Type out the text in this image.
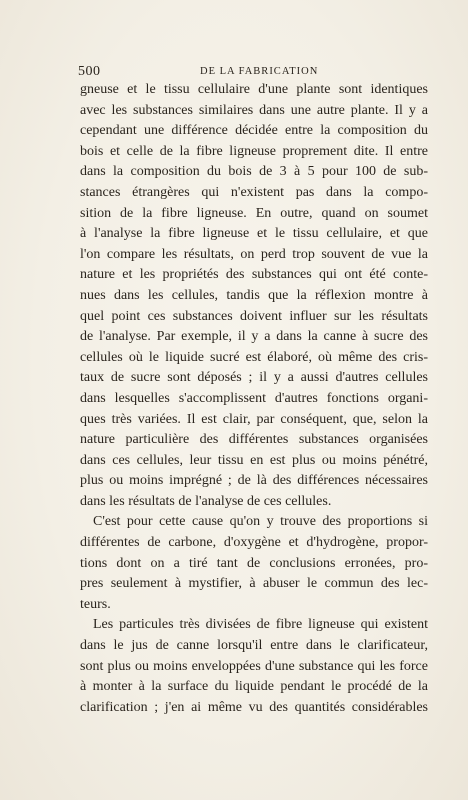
500	DE LA FABRICATION
gneuse et le tissu cellulaire d'une plante sont identiques
avec les substances similaires dans une autre plante. Il y a
cependant une différence décidée entre la composition du
bois et celle de la fibre ligneuse proprement dite. Il entre
dans la composition du bois de 3 à 5 pour 100 de sub-
stances étrangères qui n'existent pas dans la compo-
sition de la fibre ligneuse. En outre, quand on soumet
à l'analyse la fibre ligneuse et le tissu cellulaire, et que
l'on compare les résultats, on perd trop souvent de vue la
nature et les propriétés des substances qui ont été conte-
nues dans les cellules, tandis que la réflexion montre à
quel point ces substances doivent influer sur les résultats
de l'analyse. Par exemple, il y a dans la canne à sucre des
cellules où le liquide sucré est élaboré, où même des cris-
taux de sucre sont déposés ; il y a aussi d'autres cellules
dans lesquelles s'accomplissent d'autres fonctions organi-
ques très variées. Il est clair, par conséquent, que, selon la
nature particulière des différentes substances organisées
dans ces cellules, leur tissu en est plus ou moins pénétré,
plus ou moins imprégné ; de là des différences nécessaires
dans les résultats de l'analyse de ces cellules.
C'est pour cette cause qu'on y trouve des proportions si
différentes de carbone, d'oxygène et d'hydrogène, propor-
tions dont on a tiré tant de conclusions erronées, pro-
pres seulement à mystifier, à abuser le commun des lec-
teurs.
Les particules très divisées de fibre ligneuse qui existent
dans le jus de canne lorsqu'il entre dans le clarificateur,
sont plus ou moins enveloppées d'une substance qui les force
à monter à la surface du liquide pendant le procédé de la
clarification ; j'en ai même vu des quantités considérables
